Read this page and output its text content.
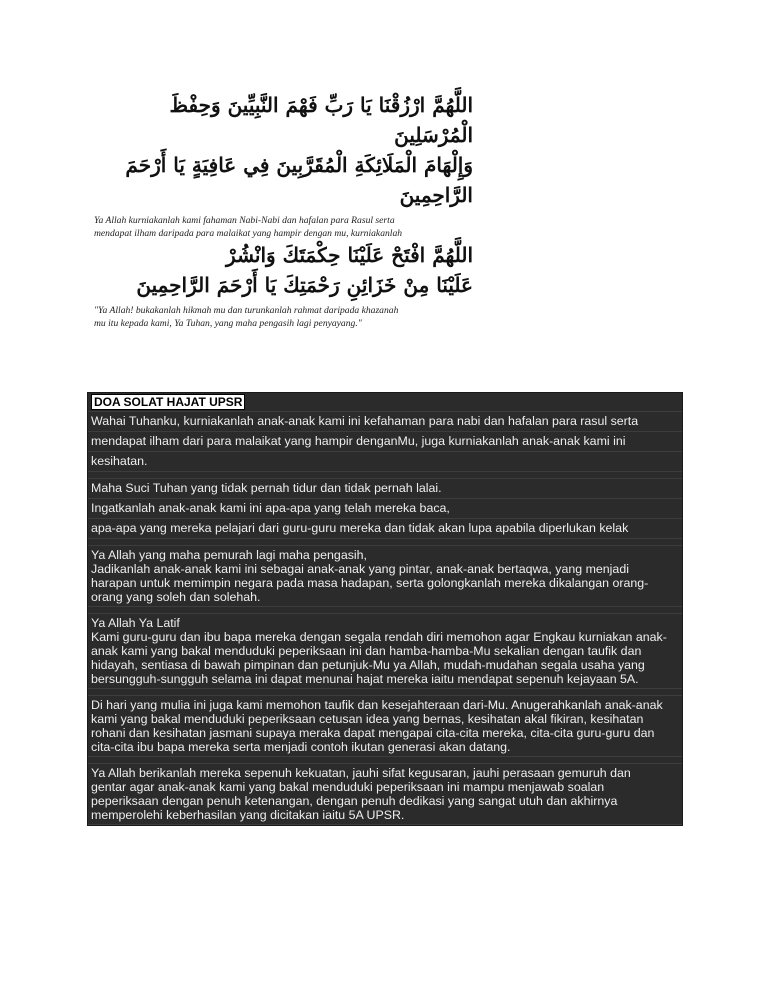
اللَّهُمَّ ارْزُقْنَا يَا رَبِّ فَهْمَ النَّبِيِّينَ وَحِفْظَ الْمُرْسَلِينَ
وَإِلْهَامَ الْمَلَائِكَةِ الْمُقَرَّبِينَ فِي عَافِيَةٍ يَا أَرْحَمَ الرَّاحِمِينَ
Ya Allah kurniakanlah kami fahaman Nabi-Nabi dan hafalan para Rasul serta
mendapat ilham daripada para malaikat yang hampir dengan mu, kurniakanlah
اللَّهُمَّ افْتَحْ عَلَيْنَا حِكْمَتَكَ وَانْشُرْ
عَلَيْنَا مِنْ خَزَائِنِ رَحْمَتِكَ يَا أَرْحَمَ الرَّاحِمِينَ
"Ya Allah! bukakanlah hikmah mu dan turunkanlah rahmat daripada khazanah
mu itu kepada kami, Ya Tuhan, yang maha pengasih lagi penyayang."
DOA SOLAT HAJAT UPSR
Wahai Tuhanku, kurniakanlah anak-anak kami ini kefahaman para nabi dan hafalan para rasul serta
mendapat ilham dari para malaikat yang hampir denganMu, juga kurniakanlah anak-anak kami ini
kesihatan.
Maha Suci Tuhan yang tidak pernah tidur dan tidak pernah lalai.
Ingatkanlah anak-anak kami ini apa-apa yang telah mereka baca,
apa-apa yang mereka pelajari dari guru-guru mereka dan tidak akan lupa apabila diperlukan kelak
Ya Allah yang maha pemurah lagi maha pengasih,
Jadikanlah anak-anak kami ini sebagai anak-anak yang pintar, anak-anak bertaqwa, yang menjadi
harapan untuk memimpin negara pada masa hadapan, serta golongkanlah mereka dikalangan orang-
orang yang soleh dan solehah.
Ya Allah Ya Latif
Kami guru-guru dan ibu bapa mereka dengan segala rendah diri memohon agar Engkau kurniakan anak-
anak kami yang bakal menduduki peperiksaan ini dan hamba-hamba-Mu sekalian dengan taufik dan
hidayah, sentiasa di bawah pimpinan dan petunjuk-Mu ya Allah, mudah-mudahan segala usaha yang
bersungguh-sungguh selama ini dapat menunai hajat mereka iaitu mendapat sepenuh kejayaan 5A.
Di hari yang mulia ini juga kami memohon taufik dan kesejahteraan dari-Mu. Anugerahkanlah anak-anak
kami yang bakal menduduki peperiksaan cetusan idea yang bernas, kesihatan akal fikiran, kesihatan
rohani dan kesihatan jasmani supaya meraka dapat mengapai cita-cita mereka, cita-cita guru-guru dan
cita-cita ibu bapa mereka serta menjadi contoh ikutan generasi akan datang.
Ya Allah berikanlah mereka sepenuh kekuatan, jauhi sifat kegusaran, jauhi perasaan gemuruh dan
gentar agar anak-anak kami yang bakal menduduki peperiksaan ini mampu menjawab soalan
peperiksaan dengan penuh ketenangan, dengan penuh dedikasi yang sangat utuh dan akhirnya
memperolehi keberhasilan yang dicitakan iaitu 5A UPSR.
